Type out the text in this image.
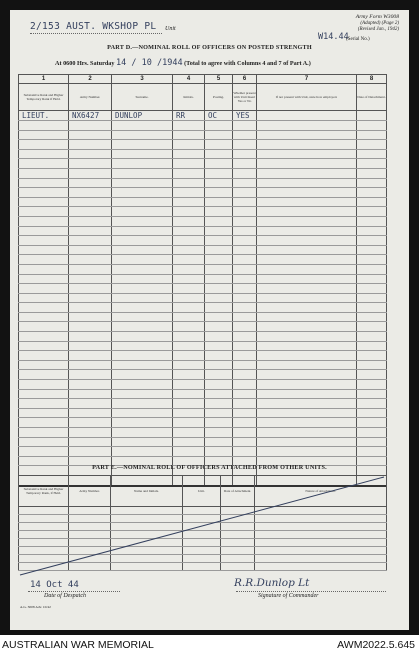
2/153 AUST. WKSHOP PL Unit
Army Form W3008
(Adapted) (Page 2)
(Revised Jan., 1942)
W14.44
(Serial No.)
PART D.—NOMINAL ROLL OF OFFICERS ON POSTED STRENGTH
At 0600 Hrs. Saturday 14 / 10 /1944 (Total to agree with Columns 4 and 7 of Part A.)
1	2	3	4	5	6	7	8
Substantive Rank and Higher Temporary Rank if Held.	Army Number.	Surname.	Initials.	Posting.	Whether present with Unit Insert Yes or No	If not present with Unit, state how employed.	Date of Detachment.
LIEUT.	NX6427	DUNLOP	RR	OC	YES		

PART E.—NOMINAL ROLL OF OFFICERS ATTACHED FROM OTHER UNITS.
Substantive Rank and Higher Temporary Rank, if Held.	Army Number.	Name and Initials.	Unit.	Date of Attachment.	Nature of Attachment.

14 Oct 44
Date of Despatch
R.R.Dunlop Lt
Signature of Commander
A.G. 3008 Adv. 10/42
AUSTRALIAN WAR MEMORIAL	AWM2022.5.645
